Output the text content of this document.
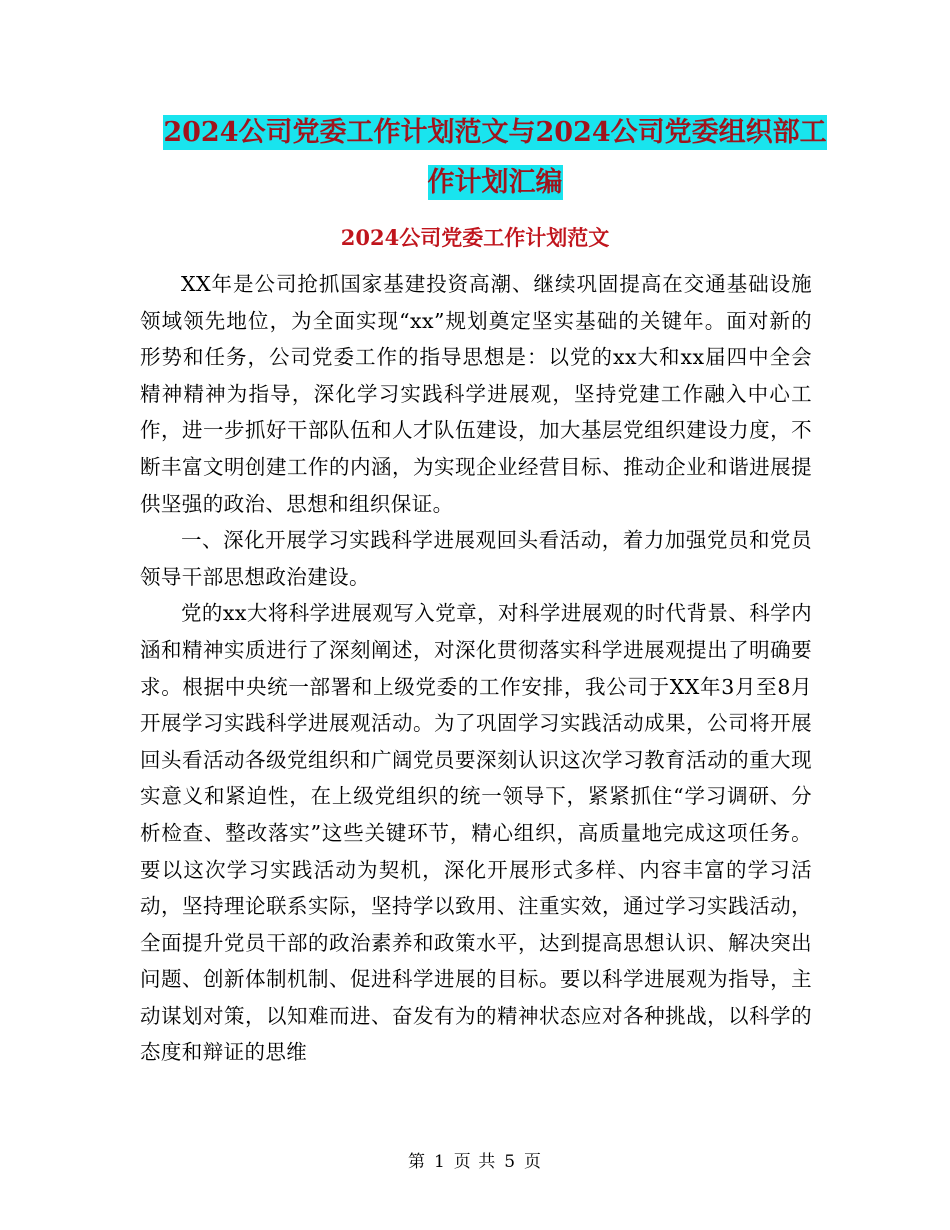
2024公司党委工作计划范文与2024公司党委组织部工
作计划汇编
2024公司党委工作计划范文

XX年是公司抢抓国家基建投资高潮、继续巩固提高在交通基础设施领域领先地位，为全面实现“xx”规划奠定坚实基础的关键年。面对新的形势和任务，公司党委工作的指导思想是：以党的xx大和xx届四中全会精神精神为指导，深化学习实践科学进展观，坚持党建工作融入中心工作，进一步抓好干部队伍和人才队伍建设，加大基层党组织建设力度，不断丰富文明创建工作的内涵，为实现企业经营目标、推动企业和谐进展提供坚强的政治、思想和组织保证。

一、深化开展学习实践科学进展观回头看活动，着力加强党员和党员领导干部思想政治建设。

党的xx大将科学进展观写入党章，对科学进展观的时代背景、科学内涵和精神实质进行了深刻阐述，对深化贯彻落实科学进展观提出了明确要求。根据中央统一部署和上级党委的工作安排，我公司于XX年3月至8月开展学习实践科学进展观活动。为了巩固学习实践活动成果，公司将开展回头看活动各级党组织和广阔党员要深刻认识这次学习教育活动的重大现实意义和紧迫性，在上级党组织的统一领导下，紧紧抓住“学习调研、分析检查、整改落实”这些关键环节，精心组织，高质量地完成这项任务。要以这次学习实践活动为契机，深化开展形式多样、内容丰富的学习活动，坚持理论联系实际，坚持学以致用、注重实效，通过学习实践活动，全面提升党员干部的政治素养和政策水平，达到提高思想认识、解决突出问题、创新体制机制、促进科学进展的目标。要以科学进展观为指导，主动谋划对策，以知难而进、奋发有为的精神状态应对各种挑战，以科学的态度和辩证的思维

第 1 页 共 5 页
